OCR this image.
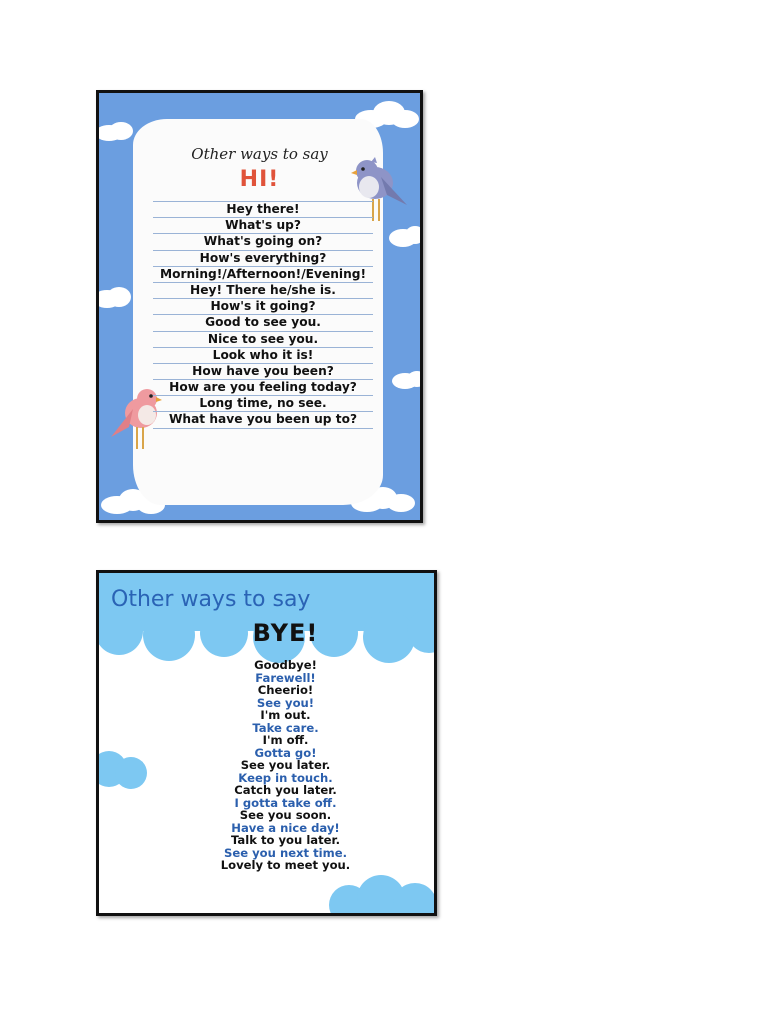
Other ways to say
HI!
Hey there!
What's up?
What's going on?
How's everything?
Morning!/Afternoon!/Evening!
Hey! There he/she is.
How's it going?
Good to see you.
Nice to see you.
Look who it is!
How have you been?
How are you feeling today?
Long time, no see.
What have you been up to?
Other ways to say
BYE!
Goodbye!
Farewell!
Cheerio!
See you!
I'm out.
Take care.
I'm off.
Gotta go!
See you later.
Keep in touch.
Catch you later.
I gotta take off.
See you soon.
Have a nice day!
Talk to you later.
See you next time.
Lovely to meet you.
